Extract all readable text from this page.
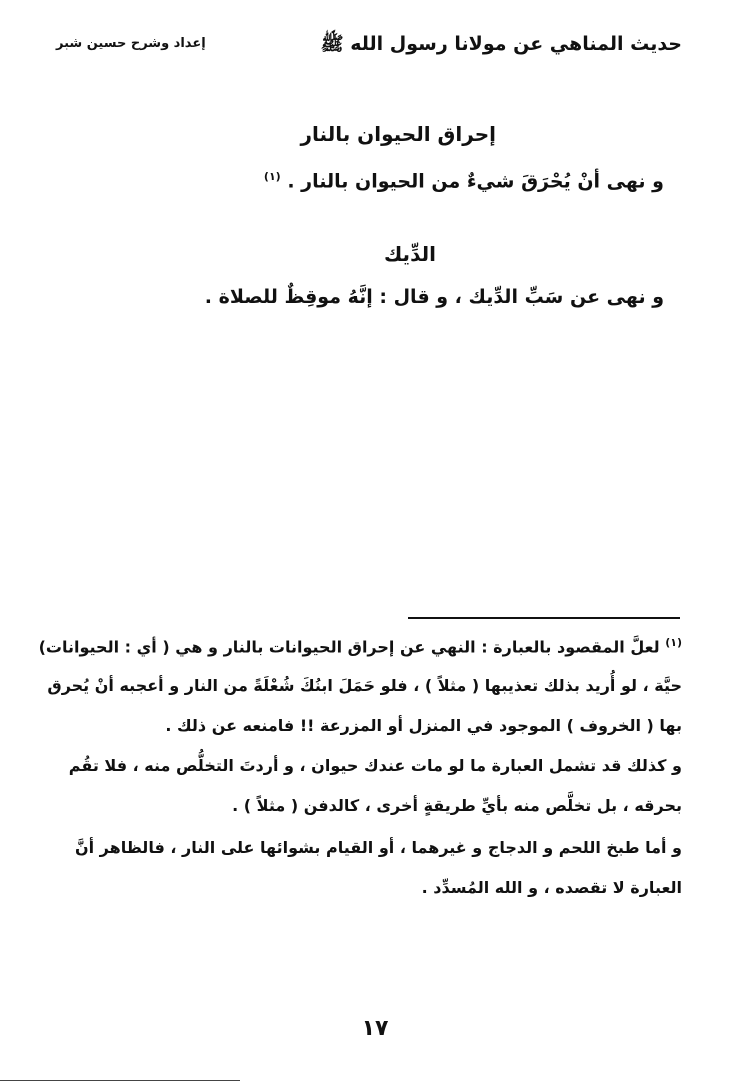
حديث المناهي عن مولانا رسول الله ﷺ
إعداد وشرح حسين شبر
إحراق الحيوان بالنار
و نهى أنْ يُحْرَقَ شيءٌ من الحيوان بالنار . $^{(١)}$
الدِّيك
و نهى عن سَبِّ الدِّيك ، و قال : إنَّهُ موقِظٌ للصلاة .
$^{(١)}$ لعلَّ المقصود بالعبارة : النهي عن إحراق الحيوانات بالنار و هي ( أي : الحيوانات)
حيَّة ، لو أُريد بذلك تعذيبها ( مثلاً ) ، فلو حَمَلَ ابنُكَ شُعْلَةً من النار و أعجبه أنْ يُحرق
بها ( الخروف ) الموجود في المنزل أو المزرعة !! فامنعه عن ذلك .
و كذلك قد تشمل العبارة ما لو مات عندك حيوان ، و أردتَ التخلُّص منه ، فلا تقُم
بحرقه ، بل تخلَّص منه بأيِّ طريقةٍ أخرى ، كالدفن ( مثلاً ) .
و أما طبخ اللحم و الدجاج و غيرهما ، أو القيام بشوائها على النار ، فالظاهر أنَّ
العبارة لا تقصده ، و الله المُسدِّد .
١٧
